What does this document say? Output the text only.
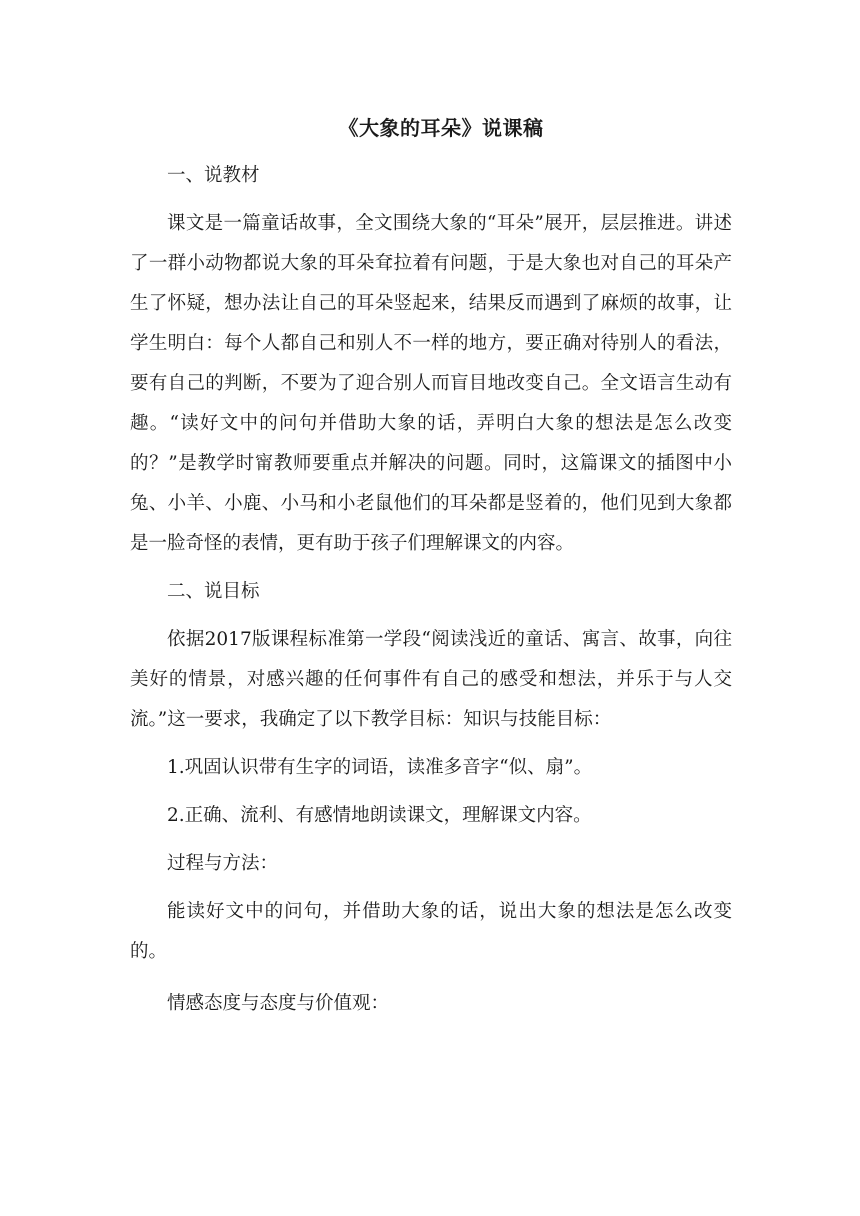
《大象的耳朵》说课稿

一、说教材

课文是一篇童话故事，全文围绕大象的“耳朵”展开，层层推进。讲述了一群小动物都说大象的耳朵耷拉着有问题，于是大象也对自己的耳朵产生了怀疑，想办法让自己的耳朵竖起来，结果反而遇到了麻烦的故事，让学生明白：每个人都自己和别人不一样的地方，要正确对待别人的看法，要有自己的判断，不要为了迎合别人而盲目地改变自己。全文语言生动有趣。“读好文中的问句并借助大象的话，弄明白大象的想法是怎么改变的？”是教学时甯教师要重点并解决的问题。同时，这篇课文的插图中小兔、小羊、小鹿、小马和小老鼠他们的耳朵都是竖着的，他们见到大象都是一脸奇怪的表情，更有助于孩子们理解课文的内容。

二、说目标

依据2017版课程标准第一学段“阅读浅近的童话、寓言、故事，向往美好的情景，对感兴趣的任何事件有自己的感受和想法，并乐于与人交流。”这一要求，我确定了以下教学目标：知识与技能目标：

1.巩固认识带有生字的词语，读准多音字“似、扇”。

2.正确、流利、有感情地朗读课文，理解课文内容。

过程与方法：

能读好文中的问句，并借助大象的话，说出大象的想法是怎么改变的。

情感态度与态度与价值观：
